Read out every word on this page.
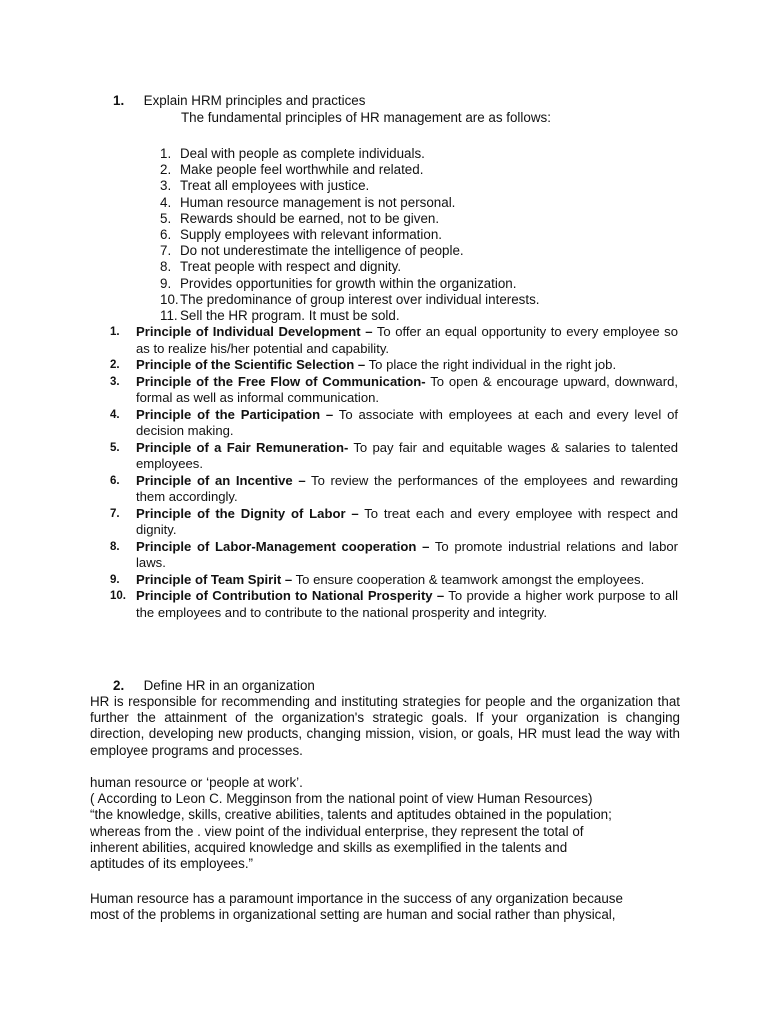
1. Explain HRM principles and practices
The fundamental principles of HR management are as follows:
1. Deal with people as complete individuals.
2. Make people feel worthwhile and related.
3. Treat all employees with justice.
4. Human resource management is not personal.
5. Rewards should be earned, not to be given.
6. Supply employees with relevant information.
7. Do not underestimate the intelligence of people.
8. Treat people with respect and dignity.
9. Provides opportunities for growth within the organization.
10.The predominance of group interest over individual interests.
11. Sell the HR program. It must be sold.
1. Principle of Individual Development – To offer an equal opportunity to every employee so as to realize his/her potential and capability.
2. Principle of the Scientific Selection – To place the right individual in the right job.
3. Principle of the Free Flow of Communication- To open & encourage upward, downward, formal as well as informal communication.
4. Principle of the Participation – To associate with employees at each and every level of decision making.
5. Principle of a Fair Remuneration- To pay fair and equitable wages & salaries to talented employees.
6. Principle of an Incentive – To review the performances of the employees and rewarding them accordingly.
7. Principle of the Dignity of Labor – To treat each and every employee with respect and dignity.
8. Principle of Labor-Management cooperation – To promote industrial relations and labor laws.
9. Principle of Team Spirit – To ensure cooperation & teamwork amongst the employees.
10. Principle of Contribution to National Prosperity – To provide a higher work purpose to all the employees and to contribute to the national prosperity and integrity.
2. Define HR in an organization
HR is responsible for recommending and instituting strategies for people and the organization that further the attainment of the organization's strategic goals. If your organization is changing direction, developing new products, changing mission, vision, or goals, HR must lead the way with employee programs and processes.
human resource or ‘people at work’.
( According to Leon C. Megginson from the national point of view Human Resources)
“the knowledge, skills, creative abilities, talents and aptitudes obtained in the population;
whereas from the . view point of the individual enterprise, they represent the total of
inherent abilities, acquired knowledge and skills as exemplified in the talents and
aptitudes of its employees.”
Human resource has a paramount importance in the success of any organization because
most of the problems in organizational setting are human and social rather than physical,
